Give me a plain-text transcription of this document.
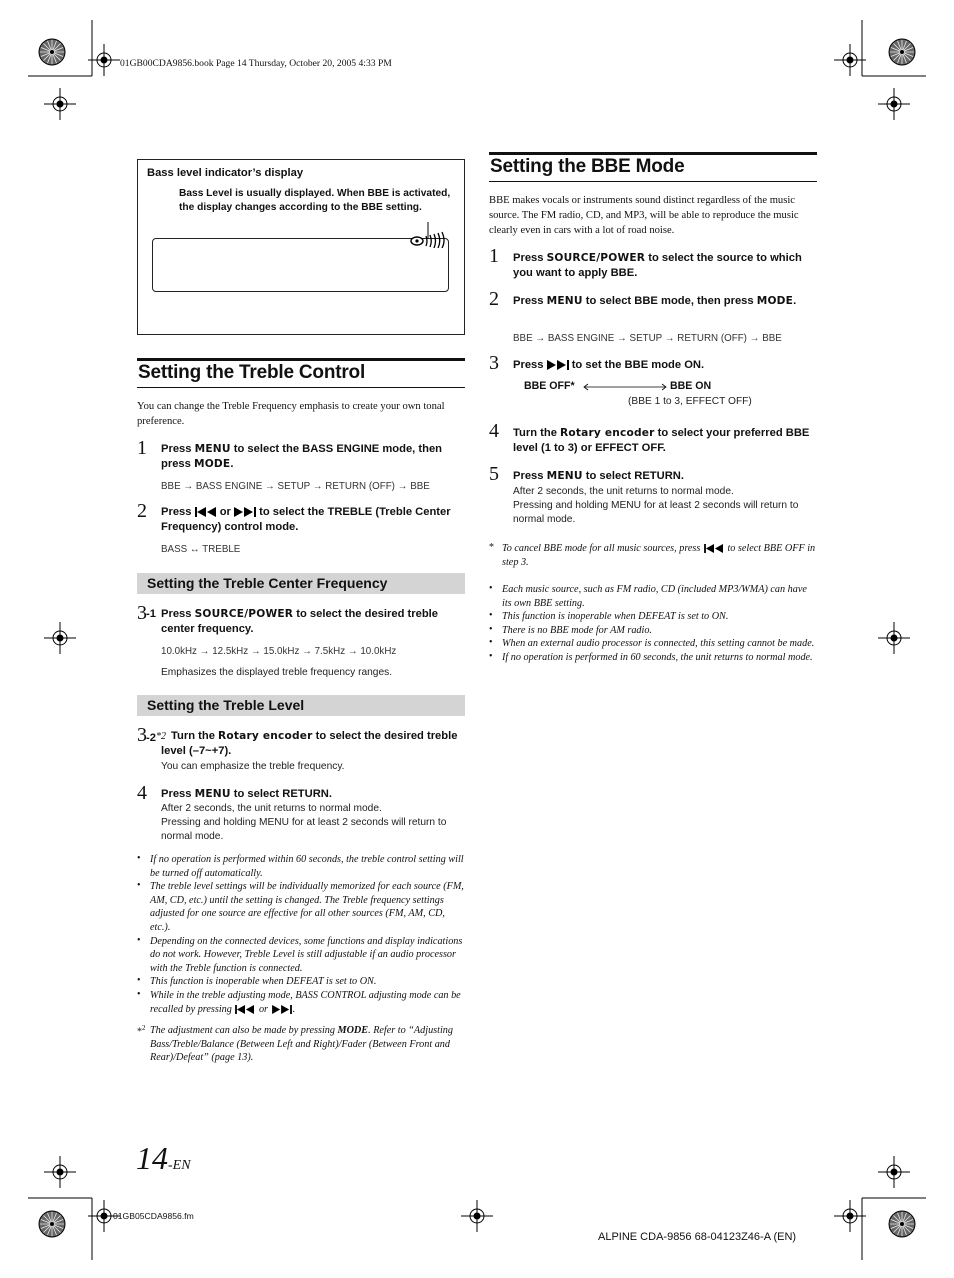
01GB00CDA9856.book Page 14 Thursday, October 20, 2005 4:33 PM
Bass level indicator’s display
Bass Level is usually displayed. When BBE is activated, the display changes according to the BBE setting.
Setting the Treble Control
You can change the Treble Frequency emphasis to create your own tonal preference.
1 Press MENU to select the BASS ENGINE mode, then press MODE.
BBE → BASS ENGINE → SETUP → RETURN (OFF) → BBE
2 Press	or	to select the TREBLE (Treble Center Frequency) control mode.
BASS ↔ TREBLE
Setting the Treble Center Frequency
3 -1 Press SOURCE/POWER to select the desired treble center frequency.
10.0kHz → 12.5kHz → 15.0kHz → 7.5kHz → 10.0kHz
Emphasizes the displayed treble frequency ranges.
Setting the Treble Level
3 -2*2 Turn the Rotary encoder to select the desired treble level (–7~+7).
You can emphasize the treble frequency.
4 Press MENU to select RETURN.
After 2 seconds, the unit returns to normal mode.
Pressing and holding MENU for at least 2 seconds will return to normal mode.
• If no operation is performed within 60 seconds, the treble control setting will be turned off automatically.
• The treble level settings will be individually memorized for each source (FM, AM, CD, etc.) until the setting is changed. The Treble frequency settings adjusted for one source are effective for all other sources (FM, AM, CD, etc.).
• Depending on the connected devices, some functions and display indications do not work. However, Treble Level is still adjustable if an audio processor with the Treble function is connected.
• This function is inoperable when DEFEAT is set to ON.
• While in the treble adjusting mode, BASS CONTROL adjusting mode can be recalled by pressing	or .
*$^2$ The adjustment can also be made by pressing MODE. Refer to “Adjusting Bass/Treble/Balance (Between Left and Right)/Fader (Between Front and Rear)/Defeat” (page 13).
Setting the BBE Mode
BBE makes vocals or instruments sound distinct regardless of the music source. The FM radio, CD, and MP3, will be able to reproduce the music clearly even in cars with a lot of road noise.
1 Press SOURCE/POWER to select the source to which you want to apply BBE.
2 Press MENU to select BBE mode, then press MODE.
BBE → BASS ENGINE → SETUP → RETURN (OFF) → BBE
3 Press	to set the BBE mode ON.
BBE OFF*	BBE ON
(BBE 1 to 3, EFFECT OFF)
4 Turn the Rotary encoder to select your preferred BBE level (1 to 3) or EFFECT OFF.
5 Press MENU to select RETURN.
After 2 seconds, the unit returns to normal mode.
Pressing and holding MENU for at least 2 seconds will return to normal mode.
* To cancel BBE mode for all music sources, press	to select BBE OFF in step 3.
• Each music source, such as FM radio, CD (included MP3/WMA) can have its own BBE setting.
• This function is inoperable when DEFEAT is set to ON.
• There is no BBE mode for AM radio.
• When an external audio processor is connected, this setting cannot be made.
• If no operation is performed in 60 seconds, the unit returns to normal mode.
14-EN
01GB05CDA9856.fm
ALPINE CDA-9856 68-04123Z46-A (EN)
